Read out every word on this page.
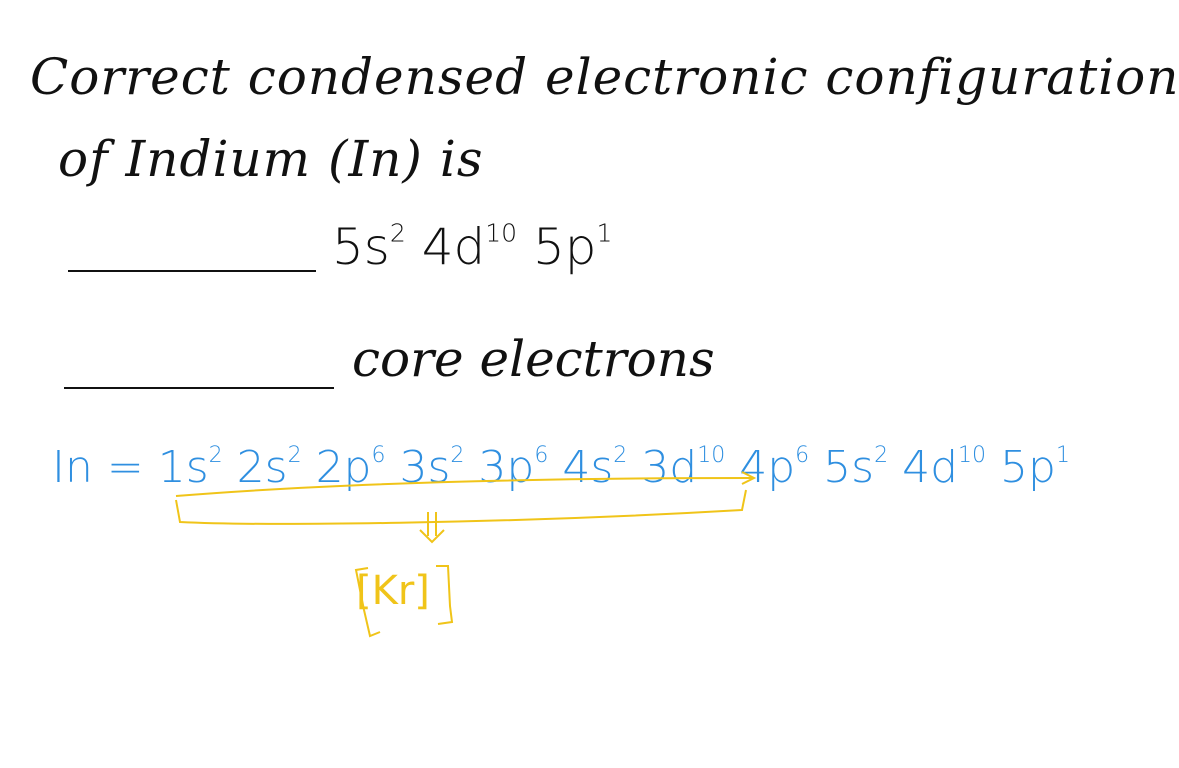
Correct condensed electronic configuration
of Indium (In) is
$5s^2$ $4d^{10}$ $5p^1$
core electrons
$In = 1s^2$ $2s^2$ $2p^6$ $3s^2$ $3p^6$ $4s^2$ $3d^{10}$ $4p^6$ $5s^2$ $4d^{10}$ $5p^1$
[Kr]
